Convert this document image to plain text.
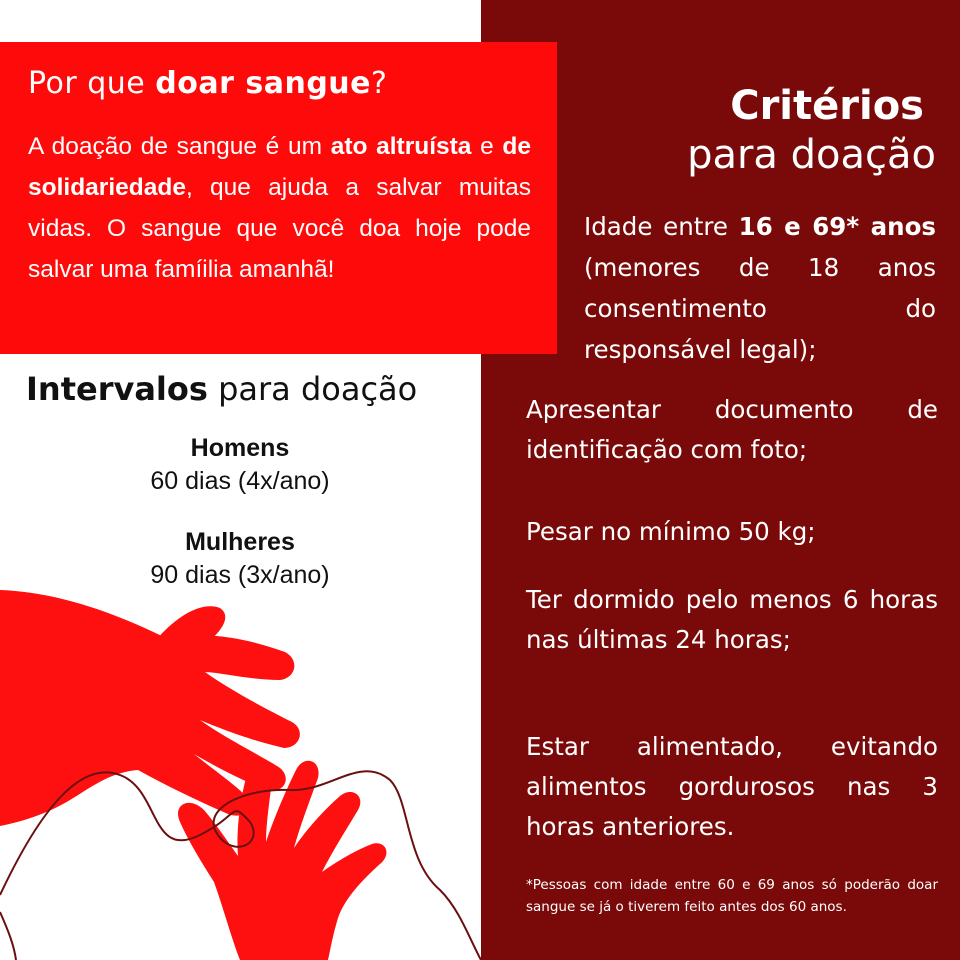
Por que doar sangue?
A doação de sangue é um ato altruísta e de solidariedade, que ajuda a salvar muitas vidas. O sangue que você doa hoje pode salvar uma famíilia amanhã!
Critérios
para doação
Idade entre 16 e 69* anos (menores de 18 anos consentimento do responsável legal);
Apresentar documento de identificação com foto;
Pesar no mínimo 50 kg;
Ter dormido pelo menos 6 horas nas últimas 24 horas;
Estar alimentado, evitando alimentos gordurosos nas 3 horas anteriores.
*Pessoas com idade entre 60 e 69 anos só poderão doar sangue se já o tiverem feito antes dos 60 anos.
Intervalos para doação
Homens
60 dias (4x/ano)
Mulheres
90 dias (3x/ano)
